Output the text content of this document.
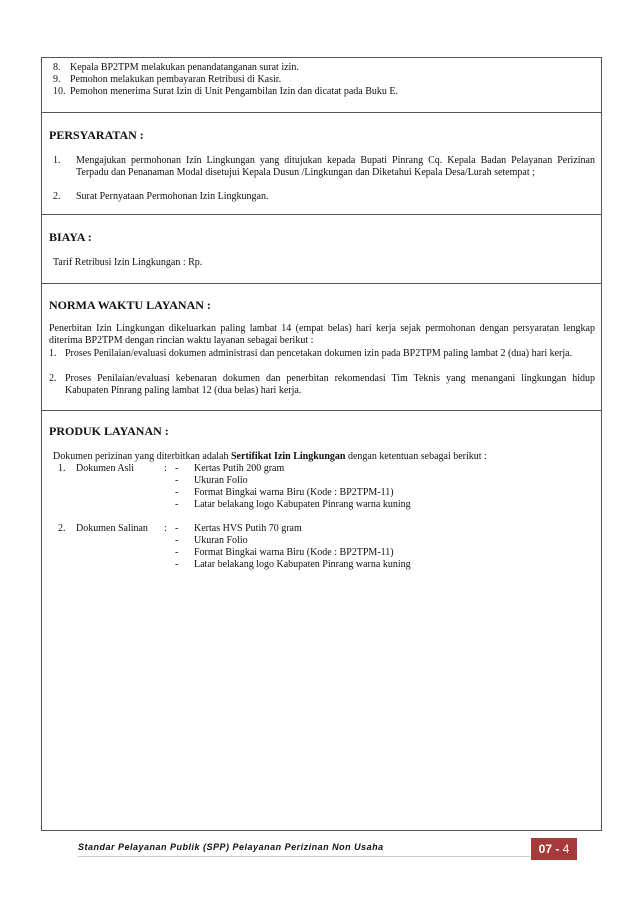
8. Kepala BP2TPM melakukan penandatanganan surat izin.
9. Pemohon melakukan pembayaran Retribusi di Kasir.
10. Pemohon menerima Surat Izin di Unit Pengambilan Izin dan dicatat pada Buku E.
PERSYARATAN :
1. Mengajukan permohonan Izin Lingkungan yang ditujukan kepada Bupati Pinrang Cq. Kepala Badan Pelayanan Perizinan Terpadu dan Penanaman Modal disetujui Kepala Dusun /Lingkungan dan Diketahui Kepala Desa/Lurah setempat ;
2. Surat Pernyataan Permohonan Izin Lingkungan.
BIAYA :
Tarif Retribusi Izin Lingkungan : Rp.
NORMA WAKTU LAYANAN :
Penerbitan Izin Lingkungan dikeluarkan paling lambat 14 (empat belas) hari kerja sejak permohonan dengan persyaratan lengkap diterima BP2TPM dengan rincian waktu layanan sebagai berikut :
1. Proses Penilaian/evaluasi dokumen administrasi dan pencetakan dokumen izin pada BP2TPM paling lambat 2 (dua) hari kerja.
2. Proses Penilaian/evaluasi kebenaran dokumen dan penerbitan rekomendasi Tim Teknis yang menangani lingkungan hidup Kabupaten Pinrang paling lambat 12 (dua belas) hari kerja.
PRODUK LAYANAN :
Dokumen perizinan yang diterbitkan adalah Sertifikat Izin Lingkungan dengan ketentuan sebagai berikut :
1. Dokumen Asli	: - Kertas Putih 200 gram
- Ukuran Folio
- Format Bingkai warna Biru (Kode : BP2TPM-11)
- Latar belakang logo Kabupaten Pinrang warna kuning
2. Dokumen Salinan : - Kertas HVS Putih 70 gram
- Ukuran Folio
- Format Bingkai warna Biru (Kode : BP2TPM-11)
- Latar belakang logo Kabupaten Pinrang warna kuning
Standar Pelayanan Publik (SPP) Pelayanan Perizinan Non Usaha	07 - 4
